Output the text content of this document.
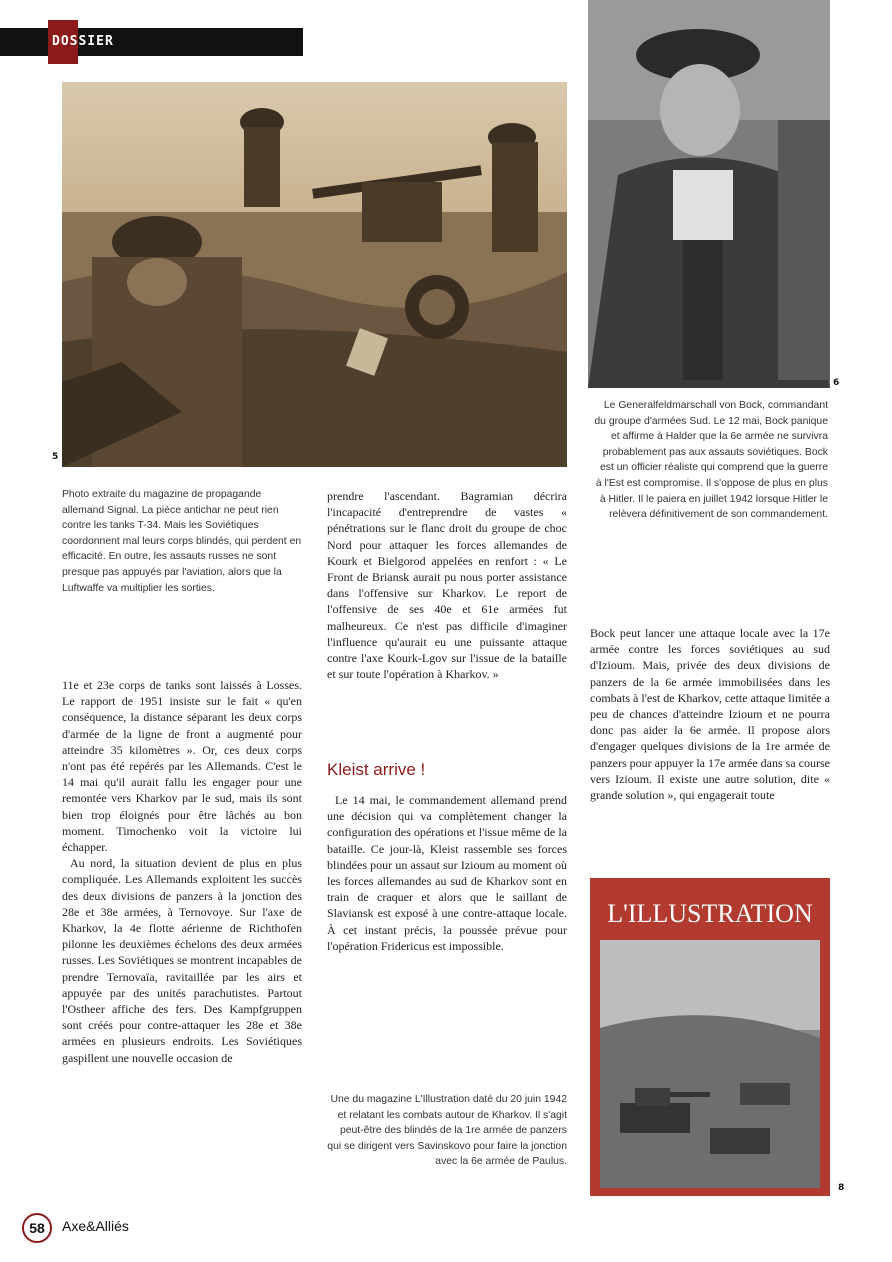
DOSSIER
5
6
Photo extraite du magazine de propagande allemand Signal. La pièce antichar ne peut rien contre les tanks T-34. Mais les Soviétiques coordonnent mal leurs corps blindés, qui perdent en efficacité. En outre, les assauts russes ne sont presque pas appuyés par l'aviation, alors que la Luftwaffe va multiplier les sorties.
Le Generalfeldmarschall von Bock, commandant du groupe d'armées Sud. Le 12 mai, Bock panique et affirme à Halder que la 6e armée ne survivra probablement pas aux assauts soviétiques. Bock est un officier réaliste qui comprend que la guerre à l'Est est compromise. Il s'oppose de plus en plus à Hitler. Il le paiera en juillet 1942 lorsque Hitler le relèvera définitivement de son commandement.

11e et 23e corps de tanks sont laissés à Losses. Le rapport de 1951 insiste sur le fait « qu'en conséquence, la distance séparant les deux corps d'armée de la ligne de front a augmenté pour atteindre 35 kilomètres ». Or, ces deux corps n'ont pas été repérés par les Allemands. C'est le 14 mai qu'il aurait fallu les engager pour une remontée vers Kharkov par le sud, mais ils sont bien trop éloignés pour être lâchés au bon moment. Timochenko voit la victoire lui échapper.

Au nord, la situation devient de plus en plus compliquée. Les Allemands exploitent les succès des deux divisions de panzers à la jonction des 28e et 38e armées, à Ternovoye. Sur l'axe de Kharkov, la 4e flotte aérienne de Richthofen pilonne les deuxièmes échelons des deux armées russes. Les Soviétiques se montrent incapables de prendre Ternovaïa, ravitaillée par les airs et appuyée par des unités parachutistes. Partout l'Ostheer affiche des fers. Des Kampfgruppen sont créés pour contre-attaquer les 28e et 38e armées en plusieurs endroits. Les Soviétiques gaspillent une nouvelle occasion de

prendre l'ascendant. Bagramian décrira l'incapacité d'entreprendre de vastes « pénétrations sur le flanc droit du groupe de choc Nord pour attaquer les forces allemandes de Kourk et Bielgorod appelées en renfort : « Le Front de Briansk aurait pu nous porter assistance dans l'offensive sur Kharkov. Le report de l'offensive de ses 40e et 61e armées fut malheureux. Ce n'est pas difficile d'imaginer l'influence qu'aurait eu une puissante attaque contre l'axe Kourk-Lgov sur l'issue de la bataille et sur toute l'opération à Kharkov. »

Kleist arrive !

Le 14 mai, le commandement allemand prend une décision qui va complètement changer la configuration des opérations et l'issue même de la bataille. Ce jour-là, Kleist rassemble ses forces blindées pour un assaut sur Izioum au moment où les forces allemandes au sud de Kharkov sont en train de craquer et alors que le saillant de Slaviansk est exposé à une contre-attaque locale. À cet instant précis, la poussée prévue pour l'opération Fridericus est impossible.

Bock peut lancer une attaque locale avec la 17e armée contre les forces soviétiques au sud d'Izioum. Mais, privée des deux divisions de panzers de la 6e armée immobilisées dans les combats à l'est de Kharkov, cette attaque limitée a peu de chances d'atteindre Izioum et ne pourra donc pas aider la 6e armée. Il propose alors d'engager quelques divisions de la 1re armée de panzers pour appuyer la 17e armée dans sa course vers Izioum. Il existe une autre solution, dite « grande solution », qui engagerait toute

L'ILLUSTRATION
8
Une du magazine L'Illustration daté du 20 juin 1942 et relatant les combats autour de Kharkov. Il s'agit peut-être des blindés de la 1re armée de panzers qui se dirigent vers Savinskovo pour faire la jonction avec la 6e armée de Paulus.
58	Axe&Alliés
